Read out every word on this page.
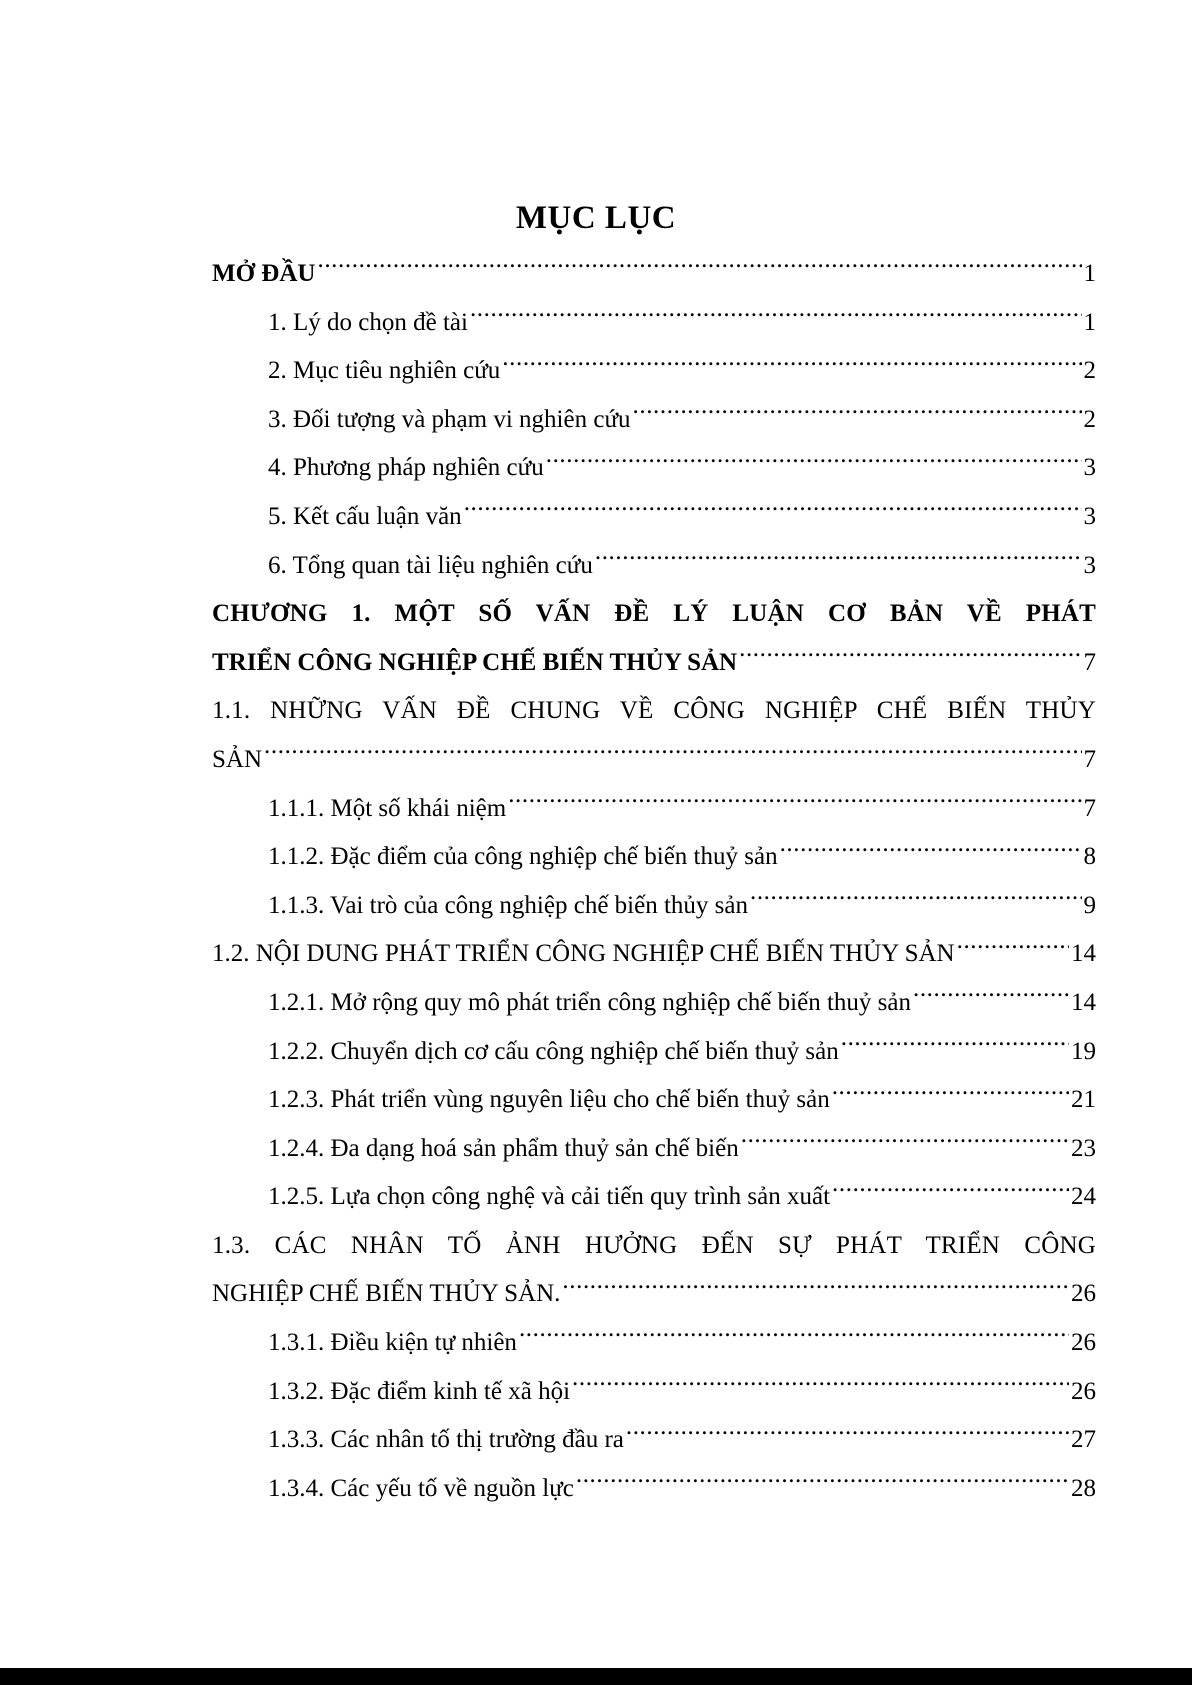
MỤC LỤC
MỞ ĐẦU .....	1
1. Lý do chọn đề tài .....	1
2. Mục tiêu nghiên cứu .....	2
3. Đối tượng và phạm vi nghiên cứu .....	2
4. Phương pháp nghiên cứu .....	3
5. Kết cấu luận văn .....	3
6. Tổng quan tài liệu nghiên cứu .....	3
CHƯƠNG 1. MỘT SỐ VẤN ĐỀ LÝ LUẬN CƠ BẢN VỀ PHÁT
TRIỂN CÔNG NGHIỆP CHẾ BIẾN THỦY SẢN .....	7
1.1. NHỮNG VẤN ĐỀ CHUNG VỀ CÔNG NGHIỆP CHẾ BIẾN THỦY
SẢN .....	7
1.1.1. Một số khái niệm .....	7
1.1.2. Đặc điểm của công nghiệp chế biến thuỷ sản .....	8
1.1.3. Vai trò của công nghiệp chế biến thủy sản .....	9
1.2. NỘI DUNG PHÁT TRIỂN CÔNG NGHIỆP CHẾ BIẾN THỦY SẢN .....	14
1.2.1. Mở rộng quy mô phát triển công nghiệp chế biến thuỷ sản .....	14
1.2.2. Chuyển dịch cơ cấu công nghiệp chế biến thuỷ sản .....	19
1.2.3. Phát triển vùng nguyên liệu cho chế biến thuỷ sản .....	21
1.2.4. Đa dạng hoá sản phẩm thuỷ sản chế biến .....	23
1.2.5. Lựa chọn công nghệ và cải tiến quy trình sản xuất .....	24
1.3. CÁC NHÂN TỐ ẢNH HƯỞNG ĐẾN SỰ PHÁT TRIỂN CÔNG
NGHIỆP CHẾ BIẾN THỦY SẢN. .....	26
1.3.1. Điều kiện tự nhiên .....	26
1.3.2. Đặc điểm kinh tế xã hội .....	26
1.3.3. Các nhân tố thị trường đầu ra .....	27
1.3.4. Các yếu tố về nguồn lực .....	28
